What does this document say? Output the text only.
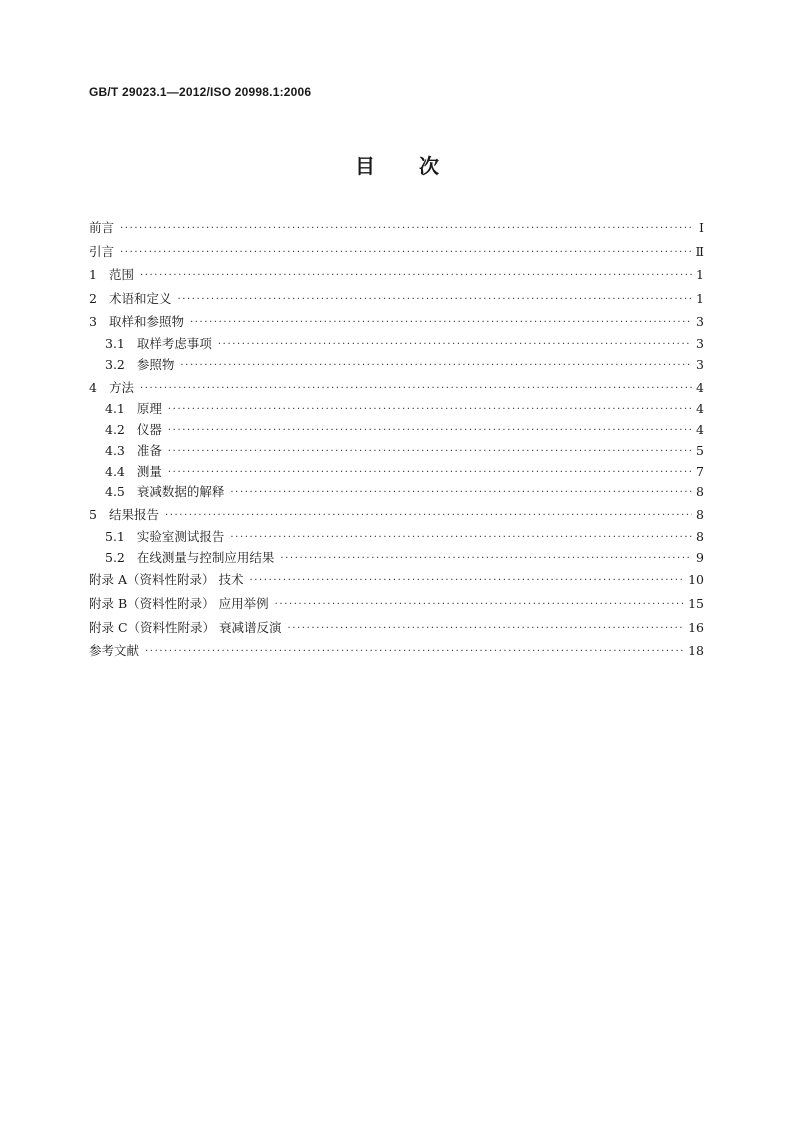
GB/T 29023.1—2012/ISO 20998.1:2006
目 次
前言 ·····	Ⅰ
引言 ·····	Ⅱ
1 范围 ·····	1
2 术语和定义 ·····	1
3 取样和参照物 ·····	3
3.1 取样考虑事项 ·····	3
3.2 参照物 ·····	3
4 方法 ·····	4
4.1 原理 ·····	4
4.2 仪器 ·····	4
4.3 准备 ·····	5
4.4 测量 ·····	7
4.5 衰减数据的解释 ·····	8
5 结果报告 ·····	8
5.1 实验室测试报告 ·····	8
5.2 在线测量与控制应用结果 ·····	9
附录 A（资料性附录） 技术 ·····	10
附录 B（资料性附录） 应用举例 ·····	15
附录 C（资料性附录） 衰减谱反演 ·····	16
参考文献 ·····	18
